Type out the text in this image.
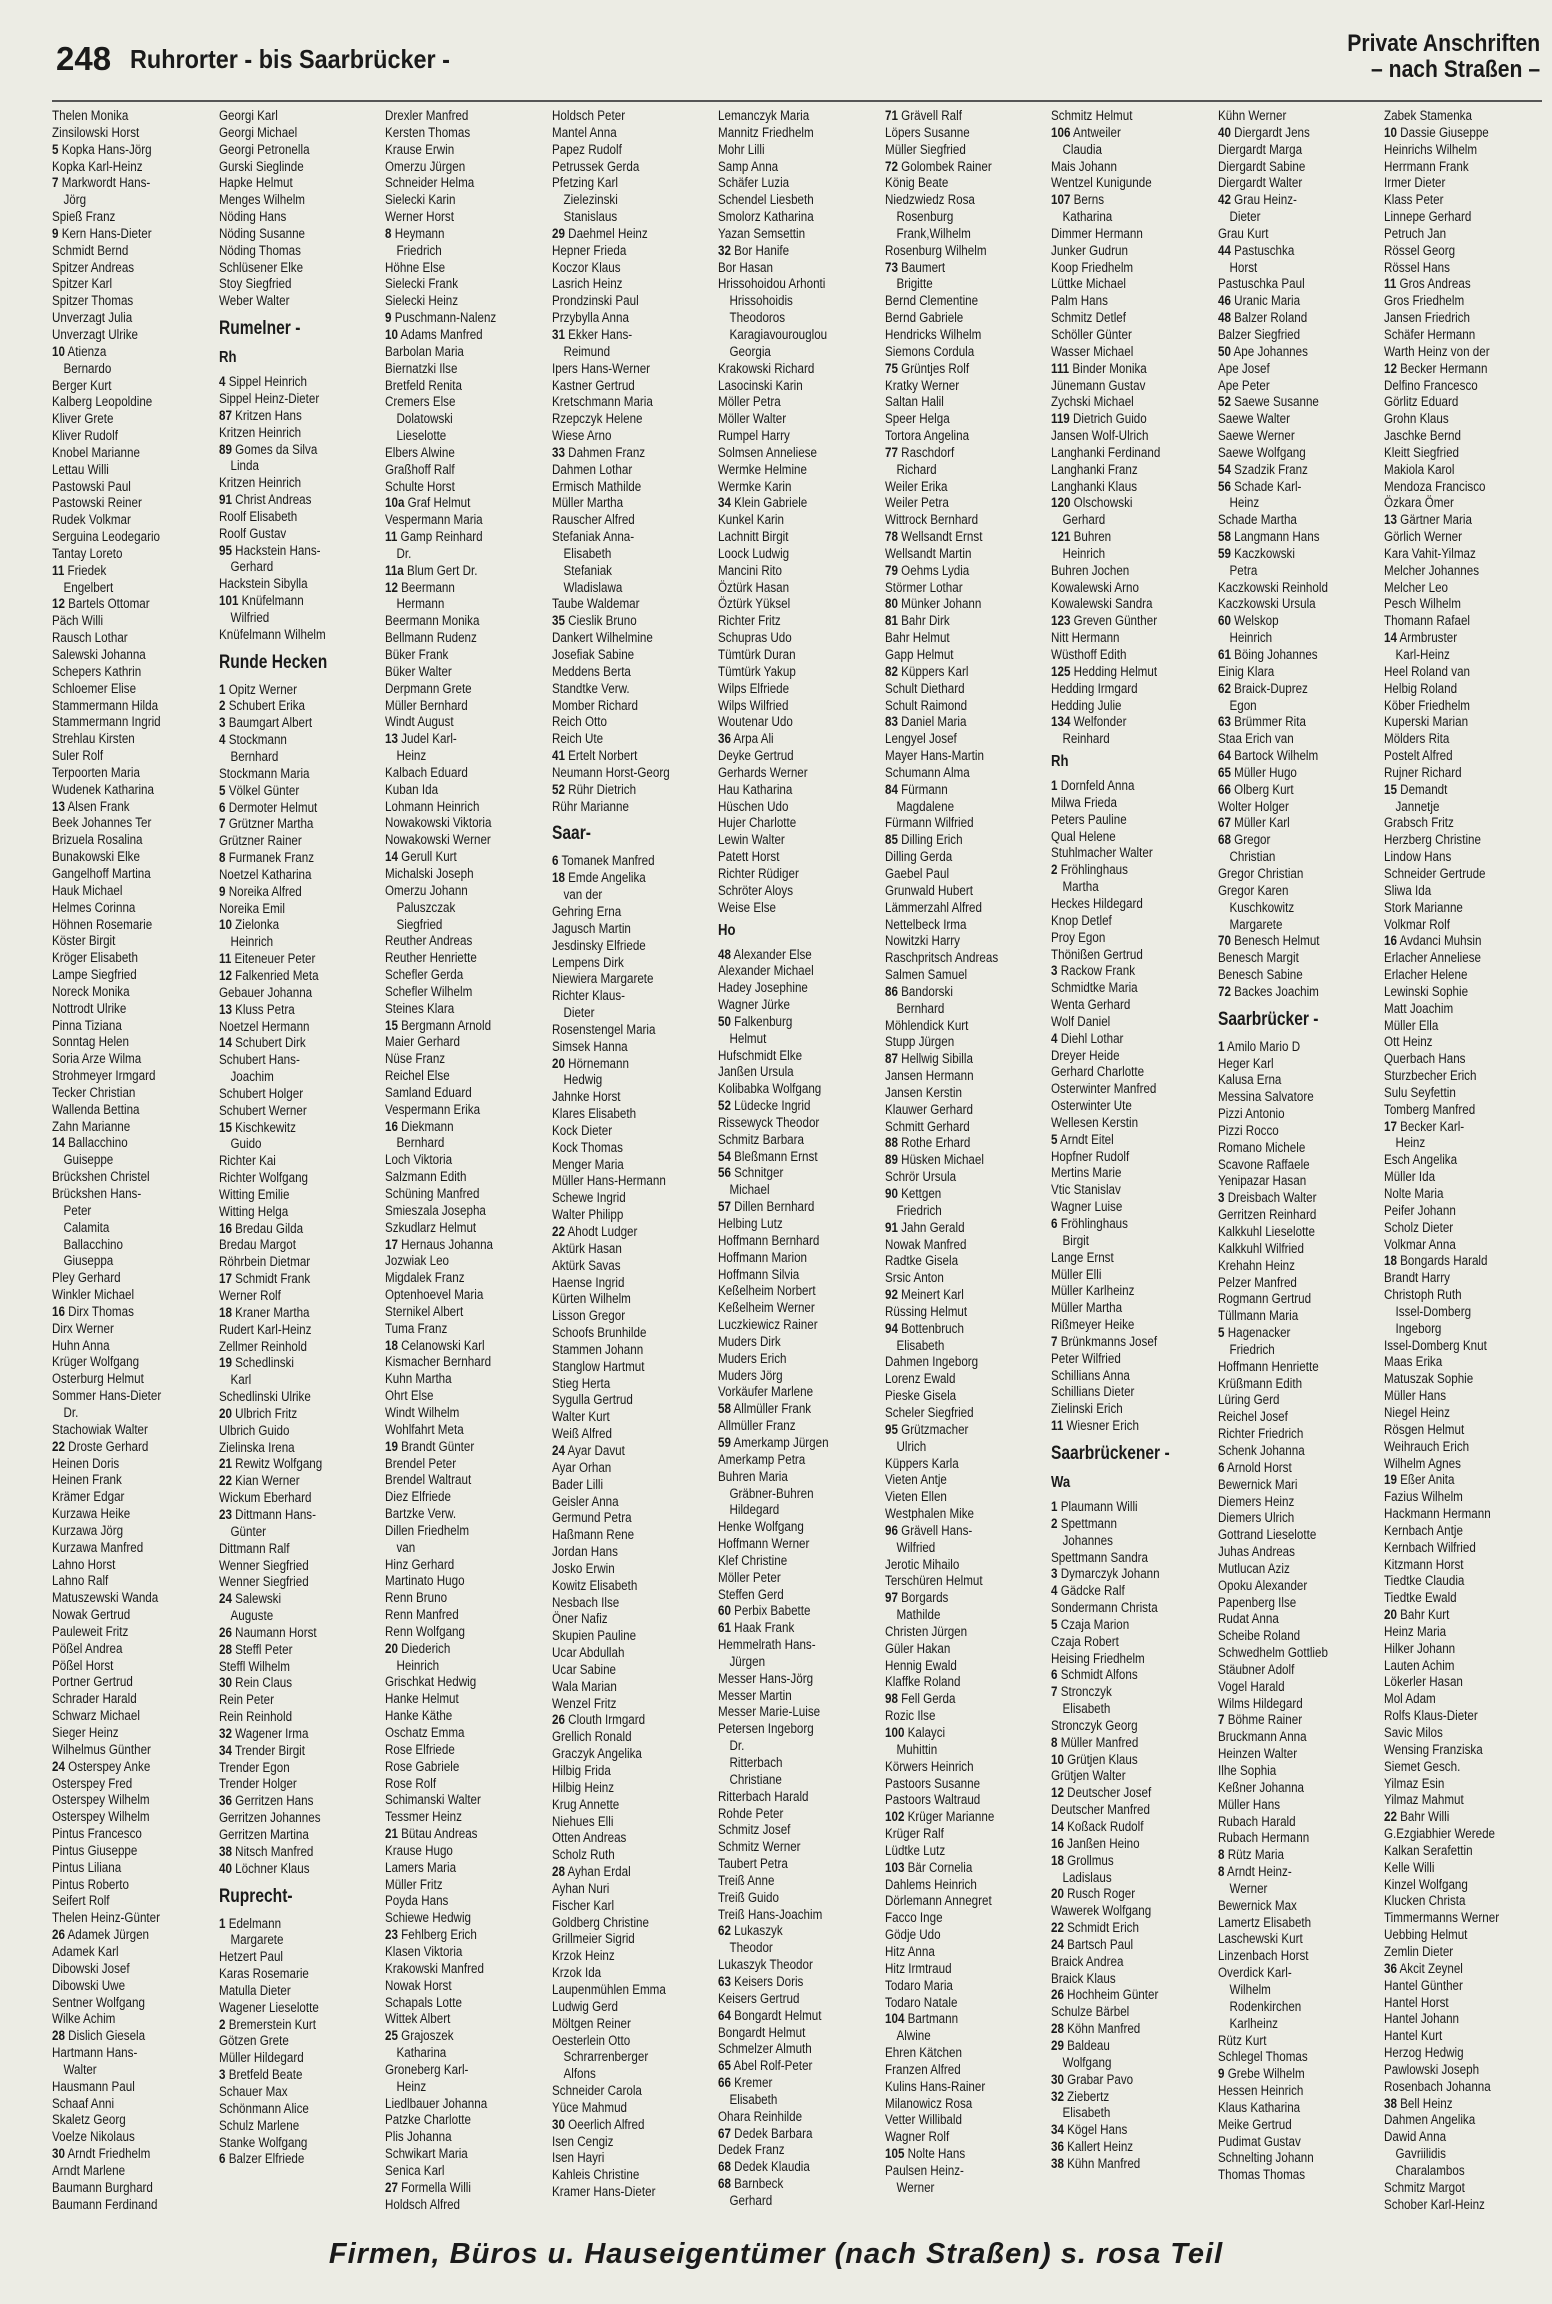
248 Ruhrorter - bis Saarbrücker -
Private Anschriften
– nach Straßen –
Thelen Monika
Zinsilowski Horst
5 Kopka Hans-Jörg
Kopka Karl-Heinz
7 Markwordt Hans-
Jörg
Spieß Franz
9 Kern Hans-Dieter
Schmidt Bernd
Spitzer Andreas
Spitzer Karl
Spitzer Thomas
Unverzagt Julia
Unverzagt Ulrike
10 Atienza
Bernardo
Berger Kurt
Kalberg Leopoldine
Kliver Grete
Kliver Rudolf
Knobel Marianne
Lettau Willi
Pastowski Paul
Pastowski Reiner
Rudek Volkmar
Serguina Leodegario
Tantay Loreto
11 Friedek
Engelbert
12 Bartels Ottomar
Päch Willi
Rausch Lothar
Salewski Johanna
Schepers Kathrin
Schloemer Elise
Stammermann Hilda
Stammermann Ingrid
Strehlau Kirsten
Suler Rolf
Terpoorten Maria
Wudenek Katharina
13 Alsen Frank
Beek Johannes Ter
Brizuela Rosalina
Bunakowski Elke
Gangelhoff Martina
Hauk Michael
Helmes Corinna
Höhnen Rosemarie
Köster Birgit
Kröger Elisabeth
Lampe Siegfried
Noreck Monika
Nottrodt Ulrike
Pinna Tiziana
Sonntag Helen
Soria Arze Wilma
Strohmeyer Irmgard
Tecker Christian
Wallenda Bettina
Zahn Marianne
14 Ballacchino
Guiseppe
Brückshen Christel
Brückshen Hans-
Peter
Calamita
Ballacchino
Giuseppa
Pley Gerhard
Winkler Michael
16 Dirx Thomas
Dirx Werner
Huhn Anna
Krüger Wolfgang
Osterburg Helmut
Sommer Hans-Dieter
Dr.
Stachowiak Walter
22 Droste Gerhard
Heinen Doris
Heinen Frank
Krämer Edgar
Kurzawa Heike
Kurzawa Jörg
Kurzawa Manfred
Lahno Horst
Lahno Ralf
Matuszewski Wanda
Nowak Gertrud
Pauleweit Fritz
Pößel Andrea
Pößel Horst
Portner Gertrud
Schrader Harald
Schwarz Michael
Sieger Heinz
Wilhelmus Günther
24 Osterspey Anke
Osterspey Fred
Osterspey Wilhelm
Osterspey Wilhelm
Pintus Francesco
Pintus Giuseppe
Pintus Liliana
Pintus Roberto
Seifert Rolf
Thelen Heinz-Günter
26 Adamek Jürgen
Adamek Karl
Dibowski Josef
Dibowski Uwe
Sentner Wolfgang
Wilke Achim
28 Dislich Giesela
Hartmann Hans-
Walter
Hausmann Paul
Schaaf Anni
Skaletz Georg
Voelze Nikolaus
30 Arndt Friedhelm
Arndt Marlene
Baumann Burghard
Baumann Ferdinand
Georgi Karl
Georgi Michael
Georgi Petronella
Gurski Sieglinde
Hapke Helmut
Menges Wilhelm
Nöding Hans
Nöding Susanne
Nöding Thomas
Schlüsener Elke
Stoy Siegfried
Weber Walter
Rumelner -
Rh
4 Sippel Heinrich
Sippel Heinz-Dieter
87 Kritzen Hans
Kritzen Heinrich
89 Gomes da Silva
Linda
Kritzen Heinrich
91 Christ Andreas
Roolf Elisabeth
Roolf Gustav
95 Hackstein Hans-
Gerhard
Hackstein Sibylla
101 Knüfelmann
Wilfried
Knüfelmann Wilhelm
Runde Hecken
1 Opitz Werner
2 Schubert Erika
3 Baumgart Albert
4 Stockmann
Bernhard
Stockmann Maria
5 Völkel Günter
6 Dermoter Helmut
7 Grützner Martha
Grützner Rainer
8 Furmanek Franz
Noetzel Katharina
9 Noreika Alfred
Noreika Emil
10 Zielonka
Heinrich
11 Eiteneuer Peter
12 Falkenried Meta
Gebauer Johanna
13 Kluss Petra
Noetzel Hermann
14 Schubert Dirk
Schubert Hans-
Joachim
Schubert Holger
Schubert Werner
15 Kischkewitz
Guido
Richter Kai
Richter Wolfgang
Witting Emilie
Witting Helga
16 Bredau Gilda
Bredau Margot
Röhrbein Dietmar
17 Schmidt Frank
Werner Rolf
18 Kraner Martha
Rudert Karl-Heinz
Zellmer Reinhold
19 Schedlinski
Karl
Schedlinski Ulrike
20 Ulbrich Fritz
Ulbrich Guido
Zielinska Irena
21 Rewitz Wolfgang
22 Kian Werner
Wickum Eberhard
23 Dittmann Hans-
Günter
Dittmann Ralf
Wenner Siegfried
Wenner Siegfried
24 Salewski
Auguste
26 Naumann Horst
28 Steffl Peter
Steffl Wilhelm
30 Rein Claus
Rein Peter
Rein Reinhold
32 Wagener Irma
34 Trender Birgit
Trender Egon
Trender Holger
36 Gerritzen Hans
Gerritzen Johannes
Gerritzen Martina
38 Nitsch Manfred
40 Löchner Klaus
Ruprecht-
1 Edelmann
Margarete
Hetzert Paul
Karas Rosemarie
Matulla Dieter
Wagener Lieselotte
2 Bremerstein Kurt
Götzen Grete
Müller Hildegard
3 Bretfeld Beate
Schauer Max
Schönmann Alice
Schulz Marlene
Stanke Wolfgang
6 Balzer Elfriede
Drexler Manfred
Kersten Thomas
Krause Erwin
Omerzu Jürgen
Schneider Helma
Sielecki Karin
Werner Horst
8 Heymann
Friedrich
Höhne Else
Sielecki Frank
Sielecki Heinz
9 Puschmann-Nalenz
10 Adams Manfred
Barbolan Maria
Biernatzki Ilse
Bretfeld Renita
Cremers Else
Dolatowski
Lieselotte
Elbers Alwine
Graßhoff Ralf
Schulte Horst
10a Graf Helmut
Vespermann Maria
11 Gamp Reinhard
Dr.
11a Blum Gert Dr.
12 Beermann
Hermann
Beermann Monika
Bellmann Rudenz
Büker Frank
Büker Walter
Derpmann Grete
Müller Bernhard
Windt August
13 Judel Karl-
Heinz
Kalbach Eduard
Kuban Ida
Lohmann Heinrich
Nowakowski Viktoria
Nowakowski Werner
14 Gerull Kurt
Michalski Joseph
Omerzu Johann
Paluszczak
Siegfried
Reuther Andreas
Reuther Henriette
Schefler Gerda
Schefler Wilhelm
Steines Klara
15 Bergmann Arnold
Maier Gerhard
Nüse Franz
Reichel Else
Samland Eduard
Vespermann Erika
16 Diekmann
Bernhard
Loch Viktoria
Salzmann Edith
Schüning Manfred
Smieszala Josepha
Szkudlarz Helmut
17 Hernaus Johanna
Jozwiak Leo
Migdalek Franz
Optenhoevel Maria
Sternikel Albert
Tuma Franz
18 Celanowski Karl
Kismacher Bernhard
Kuhn Martha
Ohrt Else
Windt Wilhelm
Wohlfahrt Meta
19 Brandt Günter
Brendel Peter
Brendel Waltraut
Diez Elfriede
Bartzke Verw.
Dillen Friedhelm
van
Hinz Gerhard
Martinato Hugo
Renn Bruno
Renn Manfred
Renn Wolfgang
20 Diederich
Heinrich
Grischkat Hedwig
Hanke Helmut
Hanke Käthe
Oschatz Emma
Rose Elfriede
Rose Gabriele
Rose Rolf
Schimanski Walter
Tessmer Heinz
21 Bütau Andreas
Krause Hugo
Lamers Maria
Müller Fritz
Poyda Hans
Schiewe Hedwig
23 Fehlberg Erich
Klasen Viktoria
Krakowski Manfred
Nowak Horst
Schapals Lotte
Wittek Albert
25 Grajoszek
Katharina
Groneberg Karl-
Heinz
Liedlbauer Johanna
Patzke Charlotte
Plis Johanna
Schwikart Maria
Senica Karl
27 Formella Willi
Holdsch Alfred
Holdsch Peter
Mantel Anna
Papez Rudolf
Petrussek Gerda
Pfetzing Karl
Zielezinski
Stanislaus
29 Daehmel Heinz
Hepner Frieda
Koczor Klaus
Lasrich Heinz
Prondzinski Paul
Przybylla Anna
31 Ekker Hans-
Reimund
Ipers Hans-Werner
Kastner Gertrud
Kretschmann Maria
Rzepczyk Helene
Wiese Arno
33 Dahmen Franz
Dahmen Lothar
Ermisch Mathilde
Müller Martha
Rauscher Alfred
Stefaniak Anna-
Elisabeth
Stefaniak
Wladislawa
Taube Waldemar
35 Cieslik Bruno
Dankert Wilhelmine
Josefiak Sabine
Meddens Berta
Standtke Verw.
Momber Richard
Reich Otto
Reich Ute
41 Ertelt Norbert
Neumann Horst-Georg
52 Rühr Dietrich
Rühr Marianne
Saar-
6 Tomanek Manfred
18 Emde Angelika
van der
Gehring Erna
Jagusch Martin
Jesdinsky Elfriede
Lempens Dirk
Niewiera Margarete
Richter Klaus-
Dieter
Rosenstengel Maria
Simsek Hanna
20 Hörnemann
Hedwig
Jahnke Horst
Klares Elisabeth
Kock Dieter
Kock Thomas
Menger Maria
Müller Hans-Hermann
Schewe Ingrid
Walter Philipp
22 Ahodt Ludger
Aktürk Hasan
Aktürk Savas
Haense Ingrid
Kürten Wilhelm
Lisson Gregor
Schoofs Brunhilde
Stammen Johann
Stanglow Hartmut
Stieg Herta
Sygulla Gertrud
Walter Kurt
Weiß Alfred
24 Ayar Davut
Ayar Orhan
Bader Lilli
Geisler Anna
Germund Petra
Haßmann Rene
Jordan Hans
Josko Erwin
Kowitz Elisabeth
Nesbach Ilse
Öner Nafiz
Skupien Pauline
Ucar Abdullah
Ucar Sabine
Wala Marian
Wenzel Fritz
26 Clouth Irmgard
Grellich Ronald
Graczyk Angelika
Hilbig Frida
Hilbig Heinz
Krug Annette
Niehues Elli
Otten Andreas
Scholz Ruth
28 Ayhan Erdal
Ayhan Nuri
Fischer Karl
Goldberg Christine
Grillmeier Sigrid
Krzok Heinz
Krzok Ida
Laupenmühlen Emma
Ludwig Gerd
Möltgen Reiner
Oesterlein Otto
Schrarrenberger
Alfons
Schneider Carola
Yüce Mahmud
30 Oeerlich Alfred
Isen Cengiz
Isen Hayri
Kahleis Christine
Kramer Hans-Dieter
Lemanczyk Maria
Mannitz Friedhelm
Mohr Lilli
Samp Anna
Schäfer Luzia
Schendel Liesbeth
Smolorz Katharina
Yazan Semsettin
32 Bor Hanife
Bor Hasan
Hrissohoidou Arhonti
Hrissohoidis
Theodoros
Karagiavourouglou
Georgia
Krakowski Richard
Lasocinski Karin
Möller Petra
Möller Walter
Rumpel Harry
Solmsen Anneliese
Wermke Helmine
Wermke Karin
34 Klein Gabriele
Kunkel Karin
Lachnitt Birgit
Loock Ludwig
Mancini Rito
Öztürk Hasan
Öztürk Yüksel
Richter Fritz
Schupras Udo
Tümtürk Duran
Tümtürk Yakup
Wilps Elfriede
Wilps Wilfried
Woutenar Udo
36 Arpa Ali
Deyke Gertrud
Gerhards Werner
Hau Katharina
Hüschen Udo
Hujer Charlotte
Lewin Walter
Patett Horst
Richter Rüdiger
Schröter Aloys
Weise Else
Ho
48 Alexander Else
Alexander Michael
Hadey Josephine
Wagner Jürke
50 Falkenburg
Helmut
Hufschmidt Elke
Janßen Ursula
Kolibabka Wolfgang
52 Lüdecke Ingrid
Rissewyck Theodor
Schmitz Barbara
54 Bleßmann Ernst
56 Schnitger
Michael
57 Dillen Bernhard
Helbing Lutz
Hoffmann Bernhard
Hoffmann Marion
Hoffmann Silvia
Keßelheim Norbert
Keßelheim Werner
Luczkiewicz Rainer
Muders Dirk
Muders Erich
Muders Jörg
Vorkäufer Marlene
58 Allmüller Frank
Allmüller Franz
59 Amerkamp Jürgen
Amerkamp Petra
Buhren Maria
Gräbner-Buhren
Hildegard
Henke Wolfgang
Hoffmann Werner
Klef Christine
Möller Peter
Steffen Gerd
60 Perbix Babette
61 Haak Frank
Hemmelrath Hans-
Jürgen
Messer Hans-Jörg
Messer Martin
Messer Marie-Luise
Petersen Ingeborg
Dr.
Ritterbach
Christiane
Ritterbach Harald
Rohde Peter
Schmitz Josef
Schmitz Werner
Taubert Petra
Treiß Anne
Treiß Guido
Treiß Hans-Joachim
62 Lukaszyk
Theodor
Lukaszyk Theodor
63 Keisers Doris
Keisers Gertrud
64 Bongardt Helmut
Bongardt Helmut
Schmelzer Almuth
65 Abel Rolf-Peter
66 Kremer
Elisabeth
Ohara Reinhilde
67 Dedek Barbara
Dedek Franz
68 Dedek Klaudia
68 Barnbeck
Gerhard
71 Grävell Ralf
Löpers Susanne
Müller Siegfried
72 Golombek Rainer
König Beate
Niedzwiedz Rosa
Rosenburg
Frank,Wilhelm
Rosenburg Wilhelm
73 Baumert
Brigitte
Bernd Clementine
Bernd Gabriele
Hendricks Wilhelm
Siemons Cordula
75 Grüntjes Rolf
Kratky Werner
Saltan Halil
Speer Helga
Tortora Angelina
77 Raschdorf
Richard
Weiler Erika
Weiler Petra
Wittrock Bernhard
78 Wellsandt Ernst
Wellsandt Martin
79 Oehms Lydia
Störmer Lothar
80 Münker Johann
81 Bahr Dirk
Bahr Helmut
Gapp Helmut
82 Küppers Karl
Schult Diethard
Schult Raimond
83 Daniel Maria
Lengyel Josef
Mayer Hans-Martin
Schumann Alma
84 Fürmann
Magdalene
Fürmann Wilfried
85 Dilling Erich
Dilling Gerda
Gaebel Paul
Grunwald Hubert
Lämmerzahl Alfred
Nettelbeck Irma
Nowitzki Harry
Raschpritsch Andreas
Salmen Samuel
86 Bandorski
Bernhard
Möhlendick Kurt
Stupp Jürgen
87 Hellwig Sibilla
Jansen Hermann
Jansen Kerstin
Klauwer Gerhard
Schmitt Gerhard
88 Rothe Erhard
89 Hüsken Michael
Schrör Ursula
90 Kettgen
Friedrich
91 Jahn Gerald
Nowak Manfred
Radtke Gisela
Srsic Anton
92 Meinert Karl
Rüssing Helmut
94 Bottenbruch
Elisabeth
Dahmen Ingeborg
Lorenz Ewald
Pieske Gisela
Scheler Siegfried
95 Grützmacher
Ulrich
Küppers Karla
Vieten Antje
Vieten Ellen
Westphalen Mike
96 Grävell Hans-
Wilfried
Jerotic Mihailo
Terschüren Helmut
97 Borgards
Mathilde
Christen Jürgen
Güler Hakan
Hennig Ewald
Klaffke Roland
98 Fell Gerda
Rozic Ilse
100 Kalayci
Muhittin
Körwers Heinrich
Pastoors Susanne
Pastoors Waltraud
102 Krüger Marianne
Krüger Ralf
Lüdtke Lutz
103 Bär Cornelia
Dahlems Heinrich
Dörlemann Annegret
Facco Inge
Gödje Udo
Hitz Anna
Hitz Irmtraud
Todaro Maria
Todaro Natale
104 Bartmann
Alwine
Ehren Kätchen
Franzen Alfred
Kulins Hans-Rainer
Milanowicz Rosa
Vetter Willibald
Wagner Rolf
105 Nolte Hans
Paulsen Heinz-
Werner
Schmitz Helmut
106 Antweiler
Claudia
Mais Johann
Wentzel Kunigunde
107 Berns
Katharina
Dimmer Hermann
Junker Gudrun
Koop Friedhelm
Lüttke Michael
Palm Hans
Schmitz Detlef
Schöller Günter
Wasser Michael
111 Binder Monika
Jünemann Gustav
Zychski Michael
119 Dietrich Guido
Jansen Wolf-Ulrich
Langhanki Ferdinand
Langhanki Franz
Langhanki Klaus
120 Olschowski
Gerhard
121 Buhren
Heinrich
Buhren Jochen
Kowalewski Arno
Kowalewski Sandra
123 Greven Günther
Nitt Hermann
Wüsthoff Edith
125 Hedding Helmut
Hedding Irmgard
Hedding Julie
134 Welfonder
Reinhard
Rh
1 Dornfeld Anna
Milwa Frieda
Peters Pauline
Qual Helene
Stuhlmacher Walter
2 Fröhlinghaus
Martha
Heckes Hildegard
Knop Detlef
Proy Egon
Thönißen Gertrud
3 Rackow Frank
Schmidtke Maria
Wenta Gerhard
Wolf Daniel
4 Diehl Lothar
Dreyer Heide
Gerhard Charlotte
Osterwinter Manfred
Osterwinter Ute
Wellesen Kerstin
5 Arndt Eitel
Hopfner Rudolf
Mertins Marie
Vtic Stanislav
Wagner Luise
6 Fröhlinghaus
Birgit
Lange Ernst
Müller Elli
Müller Karlheinz
Müller Martha
Rißmeyer Heike
7 Brünkmanns Josef
Peter Wilfried
Schillians Anna
Schillians Dieter
Zielinski Erich
11 Wiesner Erich
Saarbrückener -
Wa
1 Plaumann Willi
2 Spettmann
Johannes
Spettmann Sandra
3 Dymarczyk Johann
4 Gädcke Ralf
Sondermann Christa
5 Czaja Marion
Czaja Robert
Heising Friedhelm
6 Schmidt Alfons
7 Stronczyk
Elisabeth
Stronczyk Georg
8 Müller Manfred
10 Grütjen Klaus
Grütjen Walter
12 Deutscher Josef
Deutscher Manfred
14 Koßack Rudolf
16 Janßen Heino
18 Grollmus
Ladislaus
20 Rusch Roger
Wawerek Wolfgang
22 Schmidt Erich
24 Bartsch Paul
Braick Andrea
Braick Klaus
26 Hochheim Günter
Schulze Bärbel
28 Köhn Manfred
29 Baldeau
Wolfgang
30 Grabar Pavo
32 Ziebertz
Elisabeth
34 Kögel Hans
36 Kallert Heinz
38 Kühn Manfred
Kühn Werner
40 Diergardt Jens
Diergardt Marga
Diergardt Sabine
Diergardt Walter
42 Grau Heinz-
Dieter
Grau Kurt
44 Pastuschka
Horst
Pastuschka Paul
46 Uranic Maria
48 Balzer Roland
Balzer Siegfried
50 Ape Johannes
Ape Josef
Ape Peter
52 Saewe Susanne
Saewe Walter
Saewe Werner
Saewe Wolfgang
54 Szadzik Franz
56 Schade Karl-
Heinz
Schade Martha
58 Langmann Hans
59 Kaczkowski
Petra
Kaczkowski Reinhold
Kaczkowski Ursula
60 Welskop
Heinrich
61 Böing Johannes
Einig Klara
62 Braick-Duprez
Egon
63 Brümmer Rita
Staa Erich van
64 Bartock Wilhelm
65 Müller Hugo
66 Olberg Kurt
Wolter Holger
67 Müller Karl
68 Gregor
Christian
Gregor Christian
Gregor Karen
Kuschkowitz
Margarete
70 Benesch Helmut
Benesch Margit
Benesch Sabine
72 Backes Joachim
Saarbrücker -
1 Amilo Mario D
Heger Karl
Kalusa Erna
Messina Salvatore
Pizzi Antonio
Pizzi Rocco
Romano Michele
Scavone Raffaele
Yenipazar Hasan
3 Dreisbach Walter
Gerritzen Reinhard
Kalkkuhl Lieselotte
Kalkkuhl Wilfried
Krehahn Heinz
Pelzer Manfred
Rogmann Gertrud
Tüllmann Maria
5 Hagenacker
Friedrich
Hoffmann Henriette
Krüßmann Edith
Lüring Gerd
Reichel Josef
Richter Friedrich
Schenk Johanna
6 Arnold Horst
Bewernick Mari
Diemers Heinz
Diemers Ulrich
Gottrand Lieselotte
Juhas Andreas
Mutlucan Aziz
Opoku Alexander
Papenberg Ilse
Rudat Anna
Scheibe Roland
Schwedhelm Gottlieb
Stäubner Adolf
Vogel Harald
Wilms Hildegard
7 Böhme Rainer
Bruckmann Anna
Heinzen Walter
Ilhe Sophia
Keßner Johanna
Müller Hans
Rubach Harald
Rubach Hermann
8 Rütz Maria
8 Arndt Heinz-
Werner
Bewernick Max
Lamertz Elisabeth
Laschewski Kurt
Linzenbach Horst
Overdick Karl-
Wilhelm
Rodenkirchen
Karlheinz
Rütz Kurt
Schlegel Thomas
9 Grebe Wilhelm
Hessen Heinrich
Klaus Katharina
Meike Gertrud
Pudimat Gustav
Schnelting Johann
Thomas Thomas
Zabek Stamenka
10 Dassie Giuseppe
Heinrichs Wilhelm
Herrmann Frank
Irmer Dieter
Klass Peter
Linnepe Gerhard
Petruch Jan
Rössel Georg
Rössel Hans
11 Gros Andreas
Gros Friedhelm
Jansen Friedrich
Schäfer Hermann
Warth Heinz von der
12 Becker Hermann
Delfino Francesco
Görlitz Eduard
Grohn Klaus
Jaschke Bernd
Kleitt Siegfried
Makiola Karol
Mendoza Francisco
Özkara Ömer
13 Gärtner Maria
Görlich Werner
Kara Vahit-Yilmaz
Melcher Johannes
Melcher Leo
Pesch Wilhelm
Thomann Rafael
14 Armbruster
Karl-Heinz
Heel Roland van
Helbig Roland
Köber Friedhelm
Kuperski Marian
Mölders Rita
Postelt Alfred
Rujner Richard
15 Demandt
Jannetje
Grabsch Fritz
Herzberg Christine
Lindow Hans
Schneider Gertrude
Sliwa Ida
Stork Marianne
Volkmar Rolf
16 Avdanci Muhsin
Erlacher Anneliese
Erlacher Helene
Lewinski Sophie
Matt Joachim
Müller Ella
Ott Heinz
Querbach Hans
Sturzbecher Erich
Sulu Seyfettin
Tomberg Manfred
17 Becker Karl-
Heinz
Esch Angelika
Müller Ida
Nolte Maria
Peifer Johann
Scholz Dieter
Volkmar Anna
18 Bongards Harald
Brandt Harry
Christoph Ruth
Issel-Domberg
Ingeborg
Issel-Domberg Knut
Maas Erika
Matuszak Sophie
Müller Hans
Niegel Heinz
Rösgen Helmut
Weihrauch Erich
Wilhelm Agnes
19 Eßer Anita
Fazius Wilhelm
Hackmann Hermann
Kernbach Antje
Kernbach Wilfried
Kitzmann Horst
Tiedtke Claudia
Tiedtke Ewald
20 Bahr Kurt
Heinz Maria
Hilker Johann
Lauten Achim
Lökerler Hasan
Mol Adam
Rolfs Klaus-Dieter
Savic Milos
Wensing Franziska
Siemet Gesch.
Yilmaz Esin
Yilmaz Mahmut
22 Bahr Willi
G.Ezgiabhier Werede
Kalkan Serafettin
Kelle Willi
Kinzel Wolfgang
Klucken Christa
Timmermanns Werner
Uebbing Helmut
Zemlin Dieter
36 Akcit Zeynel
Hantel Günther
Hantel Horst
Hantel Johann
Hantel Kurt
Herzog Hedwig
Pawlowski Joseph
Rosenbach Johanna
38 Bell Heinz
Dahmen Angelika
Dawid Anna
Gavriilidis
Charalambos
Schmitz Margot
Schober Karl-Heinz
Firmen, Büros u. Hauseigentümer (nach Straßen) s. rosa Teil
